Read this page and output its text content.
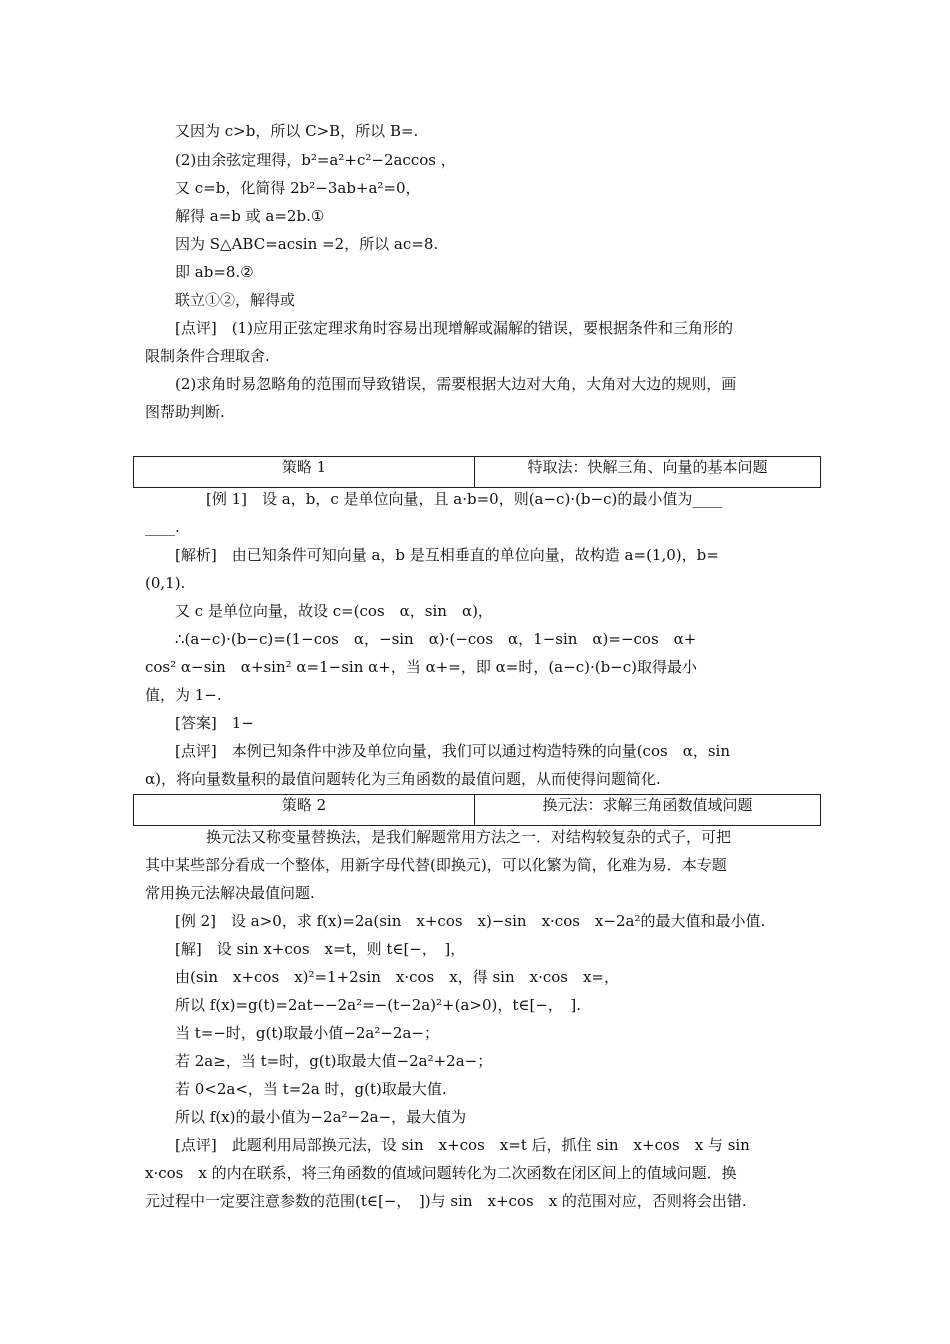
又因为 c>b，所以 C>B，所以 B=.
(2)由余弦定理得，b²=a²+c²−2accos ，
又 c=b，化简得 2b²−3ab+a²=0，
解得 a=b 或 a=2b.①
因为 S△ABC=acsin =2，所以 ac=8.
即 ab=8.②
联立①②，解得或
[点评]　(1)应用正弦定理求角时容易出现增解或漏解的错误，要根据条件和三角形的
限制条件合理取舍.
(2)求角时易忽略角的范围而导致错误，需要根据大边对大角，大角对大边的规则，画
图帮助判断.
策略 1	特取法：快解三角、向量的基本问题
[例 1]　设 a，b，c 是单位向量，且 a·b=0，则(a−c)·(b−c)的最小值为____
____.
[解析]　由已知条件可知向量 a，b 是互相垂直的单位向量，故构造 a=(1,0)，b=
(0,1).
又 c 是单位向量，故设 c=(cos　α，sin　α)，
∴(a−c)·(b−c)=(1−cos　α，−sin　α)·(−cos　α，1−sin　α)=−cos　α+
cos² α−sin　α+sin² α=1−sin α+，当 α+=，即 α=时，(a−c)·(b−c)取得最小
值，为 1−.
[答案]　1−
[点评]　本例已知条件中涉及单位向量，我们可以通过构造特殊的向量(cos　α，sin
α)，将向量数量积的最值问题转化为三角函数的最值问题，从而使得问题简化.
策略 2	换元法：求解三角函数值域问题
换元法又称变量替换法，是我们解题常用方法之一．对结构较复杂的式子，可把
其中某些部分看成一个整体，用新字母代替(即换元)，可以化繁为简，化难为易．本专题
常用换元法解决最值问题.
[例 2]　设 a>0，求 f(x)=2a(sin　x+cos　x)−sin　x·cos　x−2a²的最大值和最小值.
[解]　设 sin x+cos　x=t，则 t∈[−，　]，
由(sin　x+cos　x)²=1+2sin　x·cos　x，得 sin　x·cos　x=，
所以 f(x)=g(t)=2at−−2a²=−(t−2a)²+(a>0)，t∈[−，　].
当 t=−时，g(t)取最小值−2a²−2a−；
若 2a≥，当 t=时，g(t)取最大值−2a²+2a−；
若 0<2a<，当 t=2a 时，g(t)取最大值.
所以 f(x)的最小值为−2a²−2a−，最大值为
[点评]　此题利用局部换元法，设 sin　x+cos　x=t 后，抓住 sin　x+cos　x 与 sin
x·cos　x 的内在联系，将三角函数的值域问题转化为二次函数在闭区间上的值域问题．换
元过程中一定要注意参数的范围(t∈[−，　])与 sin　x+cos　x 的范围对应，否则将会出错.
